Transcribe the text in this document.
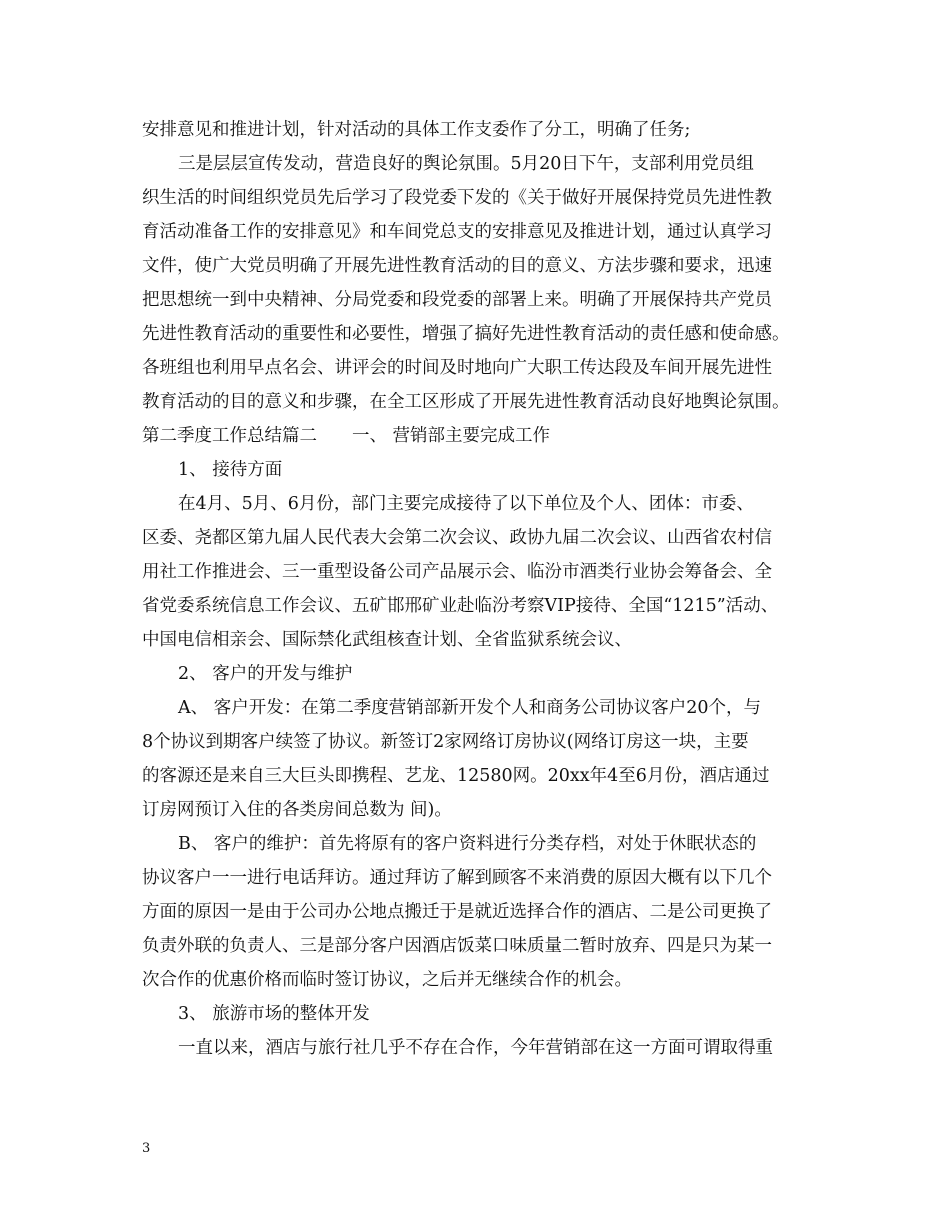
安排意见和推进计划，针对活动的具体工作支委作了分工，明确了任务;
三是层层宣传发动，营造良好的舆论氛围。5月20日下午，支部利用党员组
织生活的时间组织党员先后学习了段党委下发的《关于做好开展保持党员先进性教
育活动准备工作的安排意见》和车间党总支的安排意见及推进计划，通过认真学习
文件，使广大党员明确了开展先进性教育活动的目的意义、方法步骤和要求，迅速
把思想统一到中央精神、分局党委和段党委的部署上来。明确了开展保持共产党员
先进性教育活动的重要性和必要性，增强了搞好先进性教育活动的责任感和使命感。
各班组也利用早点名会、讲评会的时间及时地向广大职工传达段及车间开展先进性
教育活动的目的意义和步骤，在全工区形成了开展先进性教育活动良好地舆论氛围。
第二季度工作总结篇二　　一、 营销部主要完成工作
1、 接待方面
在4月、5月、6月份，部门主要完成接待了以下单位及个人、团体：市委、
区委、尧都区第九届人民代表大会第二次会议、政协九届二次会议、山西省农村信
用社工作推进会、三一重型设备公司产品展示会、临汾市酒类行业协会筹备会、全
省党委系统信息工作会议、五矿邯邢矿业赴临汾考察VIP接待、全国“1215”活动、
中国电信相亲会、国际禁化武组核查计划、全省监狱系统会议、
2、 客户的开发与维护
A、 客户开发：在第二季度营销部新开发个人和商务公司协议客户20个，与
8个协议到期客户续签了协议。新签订2家网络订房协议(网络订房这一块，主要
的客源还是来自三大巨头即携程、艺龙、12580网。20xx年4至6月份，酒店通过
订房网预订入住的各类房间总数为 间)。
B、 客户的维护：首先将原有的客户资料进行分类存档，对处于休眠状态的
协议客户一一进行电话拜访。通过拜访了解到顾客不来消费的原因大概有以下几个
方面的原因一是由于公司办公地点搬迁于是就近选择合作的酒店、二是公司更换了
负责外联的负责人、三是部分客户因酒店饭菜口味质量二暂时放弃、四是只为某一
次合作的优惠价格而临时签订协议，之后并无继续合作的机会。
3、 旅游市场的整体开发
一直以来，酒店与旅行社几乎不存在合作，今年营销部在这一方面可谓取得重
3
